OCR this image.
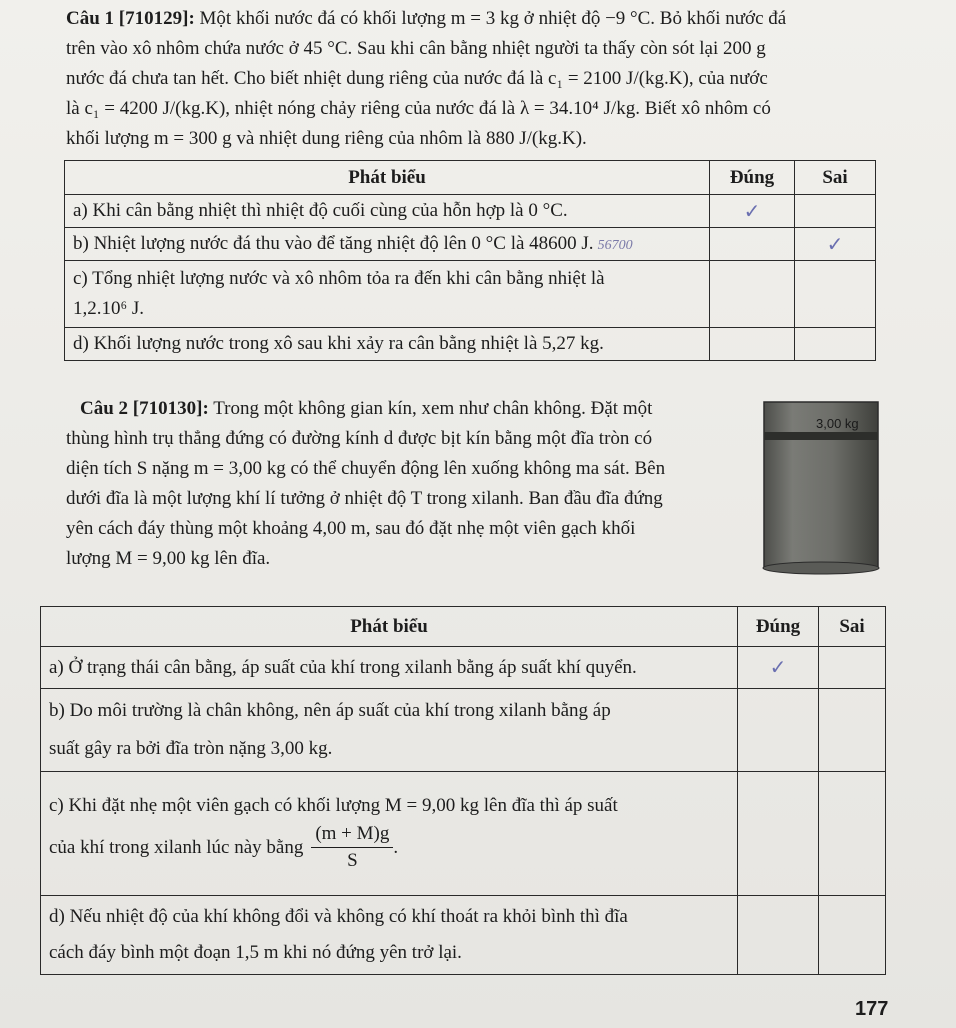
Câu 1 [710129]: Một khối nước đá có khối lượng m = 3 kg ở nhiệt độ −9 °C. Bỏ khối nước đá
trên vào xô nhôm chứa nước ở 45 °C. Sau khi cân bằng nhiệt người ta thấy còn sót lại 200 g
nước đá chưa tan hết. Cho biết nhiệt dung riêng của nước đá là c₁ = 2100 J/(kg.K), của nước
là c₁ = 4200 J/(kg.K), nhiệt nóng chảy riêng của nước đá là λ = 34.10⁴ J/kg. Biết xô nhôm có
khối lượng m = 300 g và nhiệt dung riêng của nhôm là 880 J/(kg.K).
Phát biểu	Đúng	Sai
a) Khi cân bằng nhiệt thì nhiệt độ cuối cùng của hỗn hợp là 0 °C.	✓	
b) Nhiệt lượng nước đá thu vào để tăng nhiệt độ lên 0 °C là 48600 J. 56700		✓

c) Tổng nhiệt lượng nước và xô nhôm tỏa ra đến khi cân bằng nhiệt là
1,2.10⁶ J.		

d) Khối lượng nước trong xô sau khi xảy ra cân bằng nhiệt là 5,27 kg.		
Câu 2 [710130]: Trong một không gian kín, xem như chân không. Đặt một
thùng hình trụ thẳng đứng có đường kính d được bịt kín bằng một đĩa tròn có
diện tích S nặng m = 3,00 kg có thể chuyển động lên xuống không ma sát. Bên
dưới đĩa là một lượng khí lí tưởng ở nhiệt độ T trong xilanh. Ban đầu đĩa đứng
yên cách đáy thùng một khoảng 4,00 m, sau đó đặt nhẹ một viên gạch khối
lượng M = 9,00 kg lên đĩa.
3,00 kg
Phát biểu	Đúng	Sai
a) Ở trạng thái cân bằng, áp suất của khí trong xilanh bằng áp suất khí quyển.	✓	

b) Do môi trường là chân không, nên áp suất của khí trong xilanh bằng áp
suất gây ra bởi đĩa tròn nặng 3,00 kg.		

c) Khi đặt nhẹ một viên gạch có khối lượng M = 9,00 kg lên đĩa thì áp suất
của khí trong xilanh lúc này bằng $\frac{(m + M)g}{S}$ .		

d) Nếu nhiệt độ của khí không đổi và không có khí thoát ra khỏi bình thì đĩa
cách đáy bình một đoạn 1,5 m khi nó đứng yên trở lại.		

177
